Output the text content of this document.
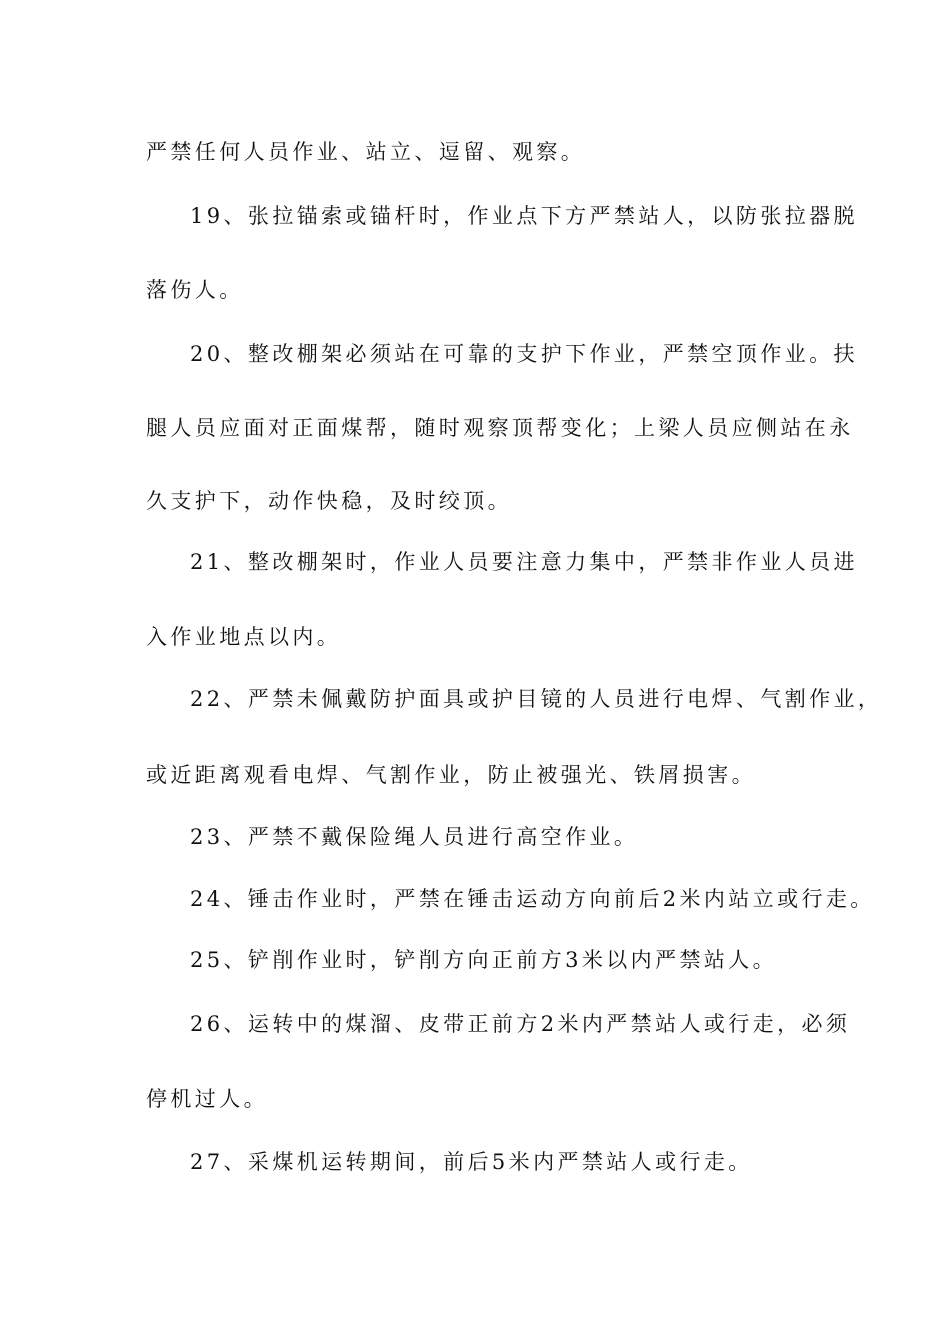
严禁任何人员作业、站立、逗留、观察。
19、张拉锚索或锚杆时，作业点下方严禁站人，以防张拉器脱
落伤人。
20、整改棚架必须站在可靠的支护下作业，严禁空顶作业。扶
腿人员应面对正面煤帮，随时观察顶帮变化；上梁人员应侧站在永
久支护下，动作快稳，及时绞顶。
21、整改棚架时，作业人员要注意力集中，严禁非作业人员进
入作业地点以内。
22、严禁未佩戴防护面具或护目镜的人员进行电焊、气割作业，
或近距离观看电焊、气割作业，防止被强光、铁屑损害。
23、严禁不戴保险绳人员进行高空作业。
24、锤击作业时，严禁在锤击运动方向前后2米内站立或行走。
25、铲削作业时，铲削方向正前方3米以内严禁站人。
26、运转中的煤溜、皮带正前方2米内严禁站人或行走，必须
停机过人。
27、采煤机运转期间，前后5米内严禁站人或行走。
